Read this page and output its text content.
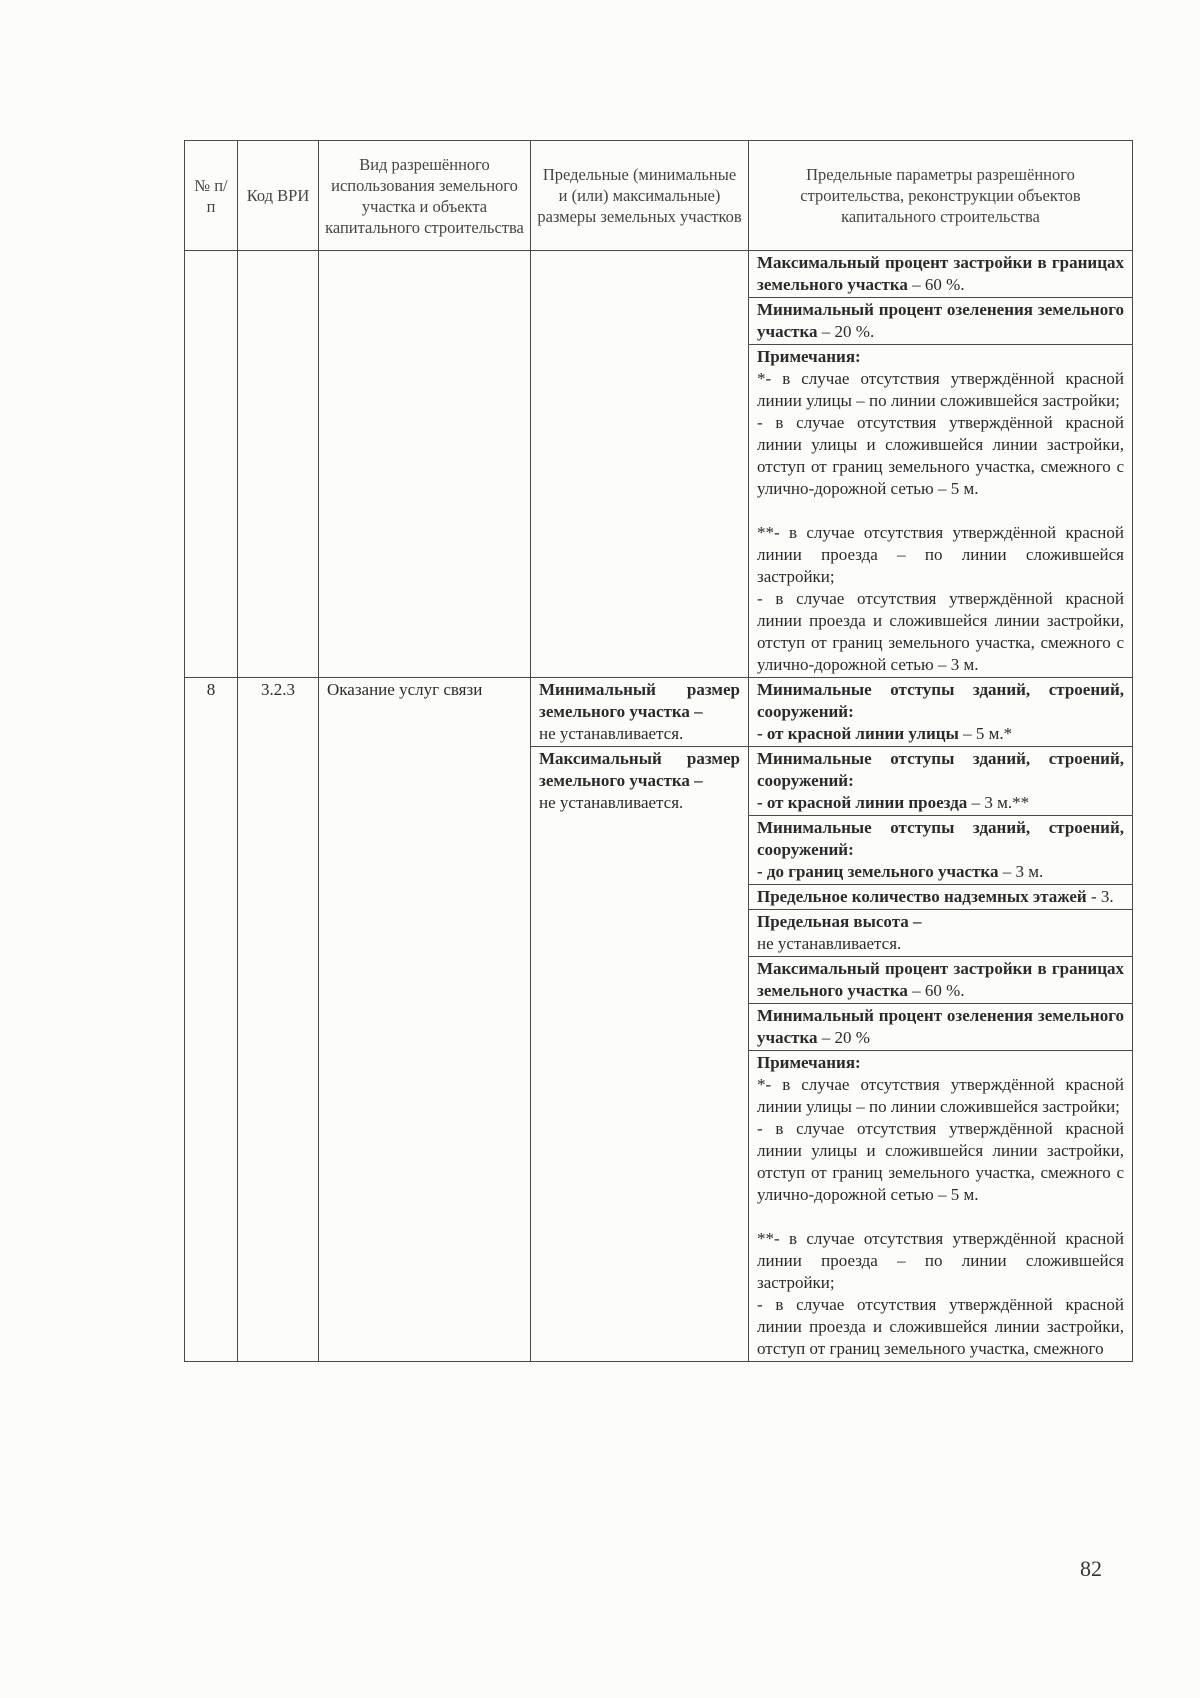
№ п/п	Код ВРИ	Вид разрешённого использования земельного участка и объекта капитального строительства	Предельные (минимальные и (или) максимальные) размеры земельных участков	Предельные параметры разрешённого строительства, реконструкции объектов капитального строительства
				Максимальный процент застройки в границах земельного участка – 60 %.
				Минимальный процент озеленения земельного участка – 20 %.

				Примечания:
*- в случае отсутствия утверждённой красной линии улицы – по линии сложившейся застройки;
- в случае отсутствия утверждённой красной линии улицы и сложившейся линии застройки, отступ от границ земельного участка, смежного с улично-дорожной сетью – 5 м.
**- в случае отсутствия утверждённой красной линии проезда – по линии сложившейся застройки;
- в случае отсутствия утверждённой красной линии проезда и сложившейся линии застройки, отступ от границ земельного участка, смежного с улично-дорожной сетью – 3 м.

8	3.2.3	Оказание услуг связи	Минимальный размер земельного участка –
не устанавливается.	Минимальные отступы зданий, строений, сооружений:
- от красной линии улицы – 5 м.*
			Максимальный размер земельного участка –
не устанавливается.	Минимальные отступы зданий, строений, сооружений:
- от красной линии проезда – 3 м.**
				Минимальные отступы зданий, строений, сооружений:
- до границ земельного участка – 3 м.
				Предельное количество надземных этажей - 3.
				Предельная высота –
не устанавливается.
				Максимальный процент застройки в границах земельного участка – 60 %.
				Минимальный процент озеленения земельного участка – 20 %

				Примечания:
*- в случае отсутствия утверждённой красной линии улицы – по линии сложившейся застройки;
- в случае отсутствия утверждённой красной линии улицы и сложившейся линии застройки, отступ от границ земельного участка, смежного с улично-дорожной сетью – 5 м.
**- в случае отсутствия утверждённой красной линии проезда – по линии сложившейся застройки;
- в случае отсутствия утверждённой красной линии проезда и сложившейся линии застройки, отступ от границ земельного участка, смежного
82
